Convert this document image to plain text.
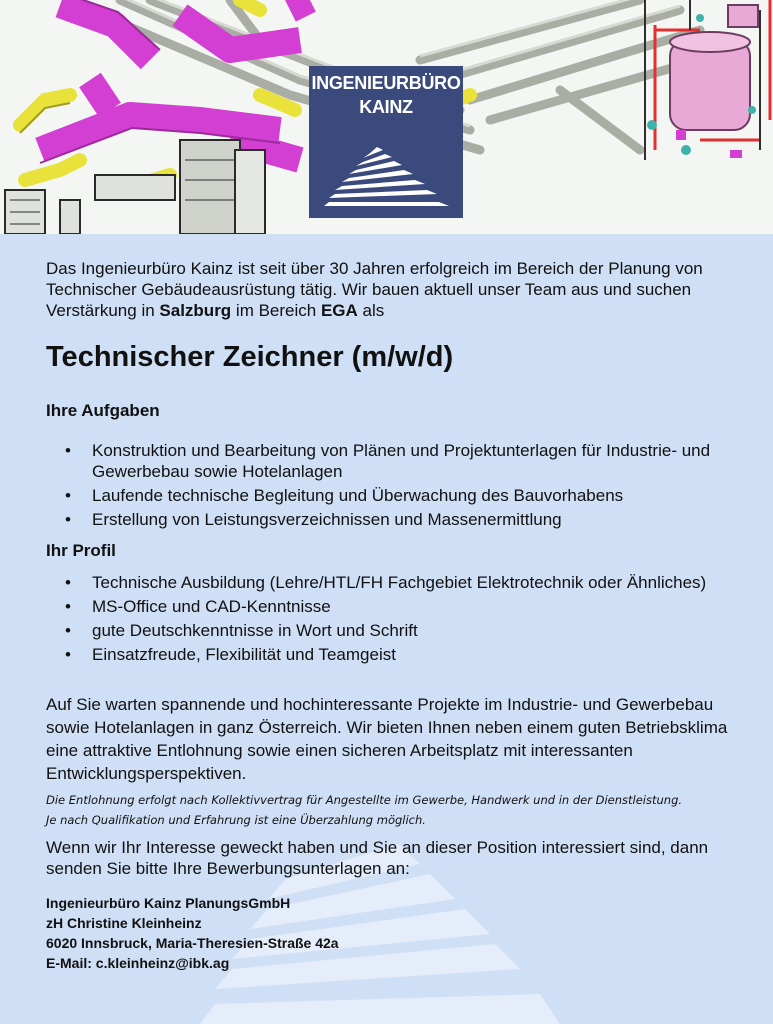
INGENIEURBÜRO
KAINZ
Das Ingenieurbüro Kainz ist seit über 30 Jahren erfolgreich im Bereich der Planung von Technischer Gebäudeausrüstung tätig. Wir bauen aktuell unser Team aus und suchen Verstärkung in Salzburg im Bereich EGA als
Technischer Zeichner (m/w/d)
Ihre Aufgaben
• Konstruktion und Bearbeitung von Plänen und Projektunterlagen für Industrie- und Gewerbebau sowie Hotelanlagen
• Laufende technische Begleitung und Überwachung des Bauvorhabens
• Erstellung von Leistungsverzeichnissen und Massenermittlung
Ihr Profil
• Technische Ausbildung (Lehre/HTL/FH Fachgebiet Elektrotechnik oder Ähnliches)
• MS-Office und CAD-Kenntnisse
• gute Deutschkenntnisse in Wort und Schrift
• Einsatzfreude, Flexibilität und Teamgeist
Auf Sie warten spannende und hochinteressante Projekte im Industrie- und Gewerbebau sowie Hotelanlagen in ganz Österreich. Wir bieten Ihnen neben einem guten Betriebsklima eine attraktive Entlohnung sowie einen sicheren Arbeitsplatz mit interessanten Entwicklungsperspektiven.
Die Entlohnung erfolgt nach Kollektivvertrag für Angestellte im Gewerbe, Handwerk und in der Dienstleistung. Je nach Qualifikation und Erfahrung ist eine Überzahlung möglich.
Wenn wir Ihr Interesse geweckt haben und Sie an dieser Position interessiert sind, dann senden Sie bitte Ihre Bewerbungsunterlagen an:
Ingenieurbüro Kainz PlanungsGmbH
zH Christine Kleinheinz
6020 Innsbruck, Maria-Theresien-Straße 42a
E-Mail: c.kleinheinz@ibk.ag
